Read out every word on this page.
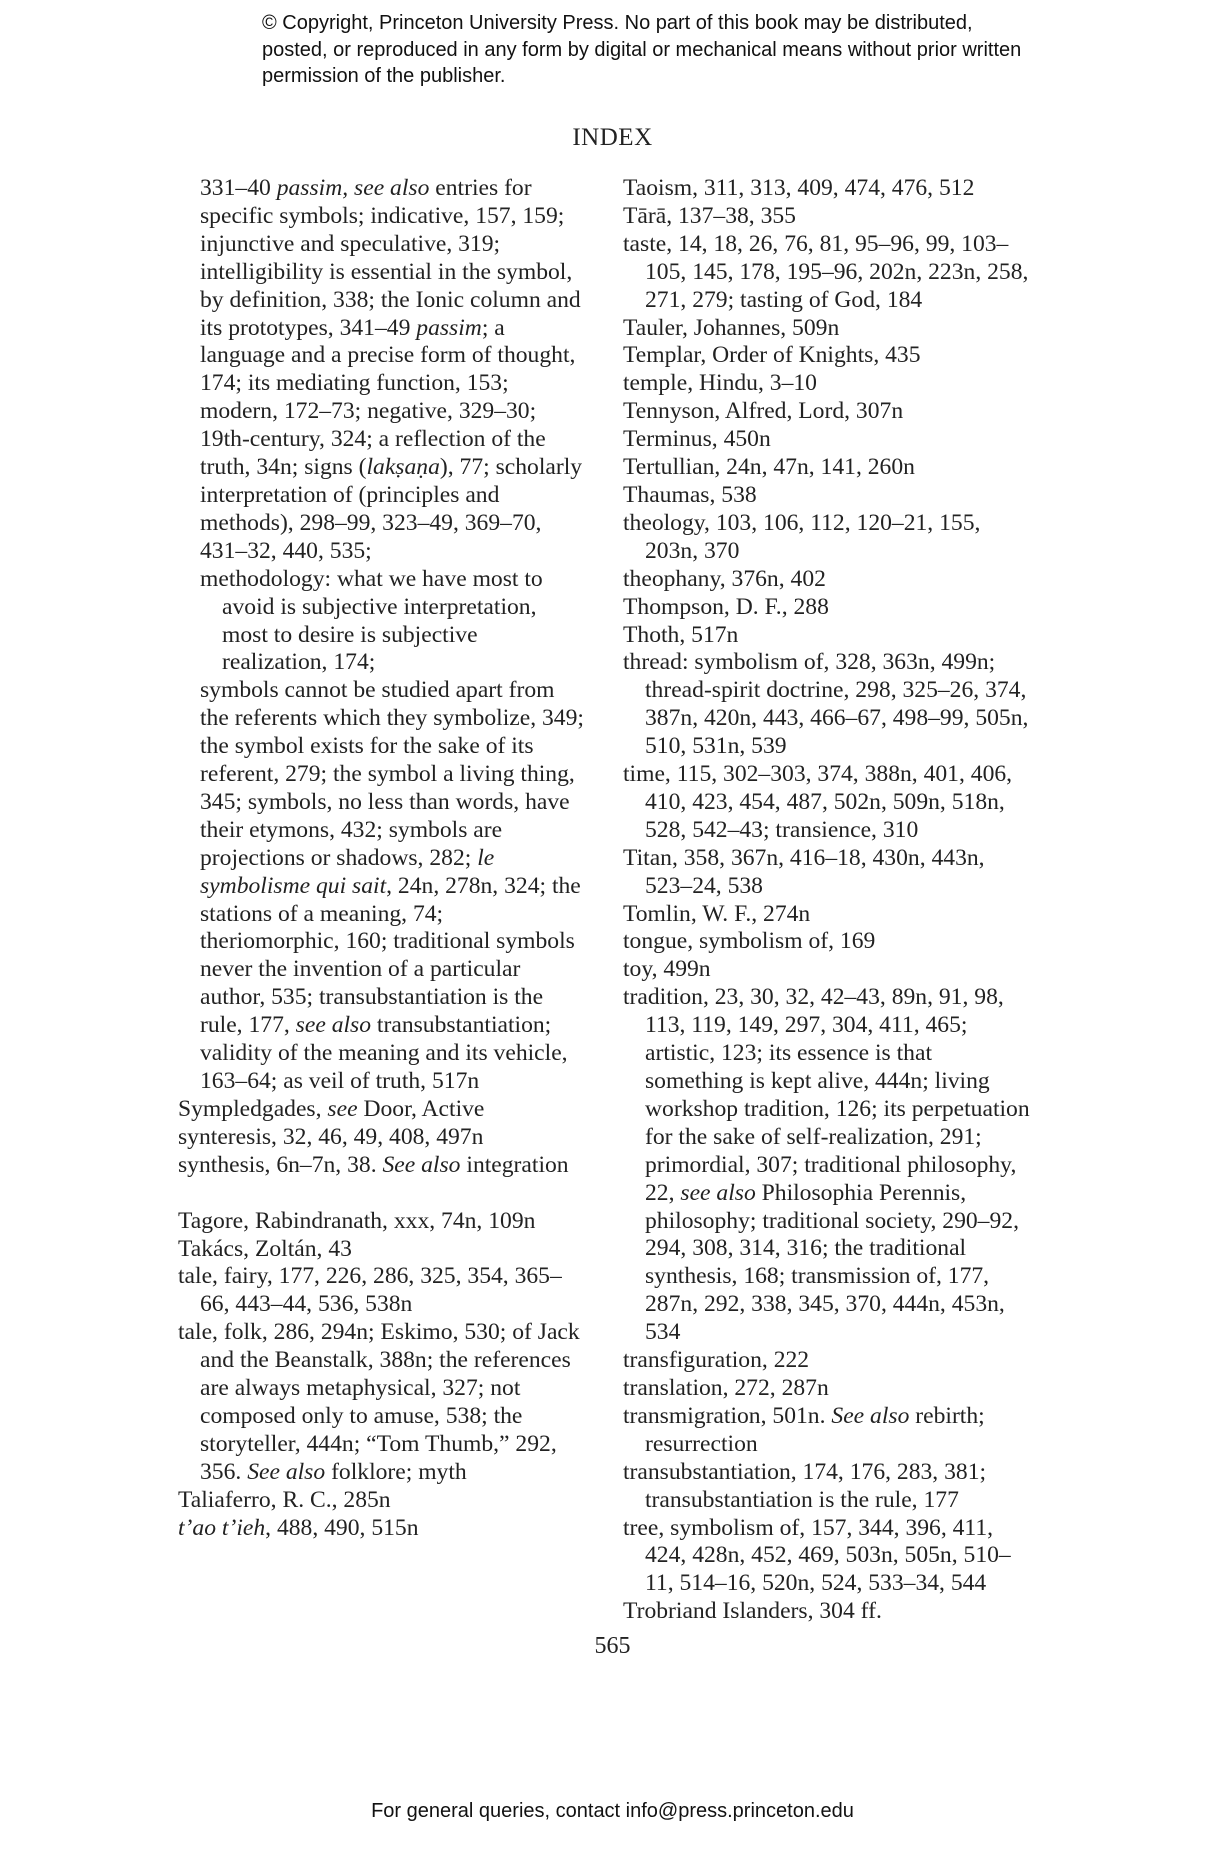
© Copyright, Princeton University Press. No part of this book may be distributed, posted, or reproduced in any form by digital or mechanical means without prior written permission of the publisher.
INDEX
331–40 passim, see also entries for specific symbols; indicative, 157, 159; injunctive and speculative, 319; intelligibility is essential in the symbol, by definition, 338; the Ionic column and its prototypes, 341–49 passim; a language and a precise form of thought, 174; its mediating function, 153; modern, 172–73; negative, 329–30; 19th-century, 324; a reflection of the truth, 34n; signs (lakṣaṇa), 77; scholarly interpretation of (principles and methods), 298–99, 323–49, 369–70, 431–32, 440, 535;
methodology: what we have most to avoid is subjective interpretation, most to desire is subjective realization, 174;
symbols cannot be studied apart from the referents which they symbolize, 349; the symbol exists for the sake of its referent, 279; the symbol a living thing, 345; symbols, no less than words, have their etymons, 432; symbols are projections or shadows, 282; le symbolisme qui sait, 24n, 278n, 324; the stations of a meaning, 74; theriomorphic, 160; traditional symbols never the invention of a particular author, 535; transubstantiation is the rule, 177, see also transubstantiation; validity of the meaning and its vehicle, 163–64; as veil of truth, 517n
Sympledgades, see Door, Active
synteresis, 32, 46, 49, 408, 497n
synthesis, 6n–7n, 38. See also integration
Tagore, Rabindranath, xxx, 74n, 109n
Takács, Zoltán, 43
tale, fairy, 177, 226, 286, 325, 354, 365–66, 443–44, 536, 538n
tale, folk, 286, 294n; Eskimo, 530; of Jack and the Beanstalk, 388n; the references are always metaphysical, 327; not composed only to amuse, 538; the storyteller, 444n; “Tom Thumb,” 292, 356. See also folklore; myth
Taliaferro, R. C., 285n
t’ao t’ieh, 488, 490, 515n
Taoism, 311, 313, 409, 474, 476, 512
Tārā, 137–38, 355
taste, 14, 18, 26, 76, 81, 95–96, 99, 103–105, 145, 178, 195–96, 202n, 223n, 258, 271, 279; tasting of God, 184
Tauler, Johannes, 509n
Templar, Order of Knights, 435
temple, Hindu, 3–10
Tennyson, Alfred, Lord, 307n
Terminus, 450n
Tertullian, 24n, 47n, 141, 260n
Thaumas, 538
theology, 103, 106, 112, 120–21, 155, 203n, 370
theophany, 376n, 402
Thompson, D. F., 288
Thoth, 517n
thread: symbolism of, 328, 363n, 499n; thread-spirit doctrine, 298, 325–26, 374, 387n, 420n, 443, 466–67, 498–99, 505n, 510, 531n, 539
time, 115, 302–303, 374, 388n, 401, 406, 410, 423, 454, 487, 502n, 509n, 518n, 528, 542–43; transience, 310
Titan, 358, 367n, 416–18, 430n, 443n, 523–24, 538
Tomlin, W. F., 274n
tongue, symbolism of, 169
toy, 499n
tradition, 23, 30, 32, 42–43, 89n, 91, 98, 113, 119, 149, 297, 304, 411, 465; artistic, 123; its essence is that something is kept alive, 444n; living workshop tradition, 126; its perpetuation for the sake of self-realization, 291; primordial, 307; traditional philosophy, 22, see also Philosophia Perennis, philosophy; traditional society, 290–92, 294, 308, 314, 316; the traditional synthesis, 168; transmission of, 177, 287n, 292, 338, 345, 370, 444n, 453n, 534
transfiguration, 222
translation, 272, 287n
transmigration, 501n. See also rebirth; resurrection
transubstantiation, 174, 176, 283, 381; transubstantiation is the rule, 177
tree, symbolism of, 157, 344, 396, 411, 424, 428n, 452, 469, 503n, 505n, 510–11, 514–16, 520n, 524, 533–34, 544
Trobriand Islanders, 304 ff.
565
For general queries, contact info@press.princeton.edu
